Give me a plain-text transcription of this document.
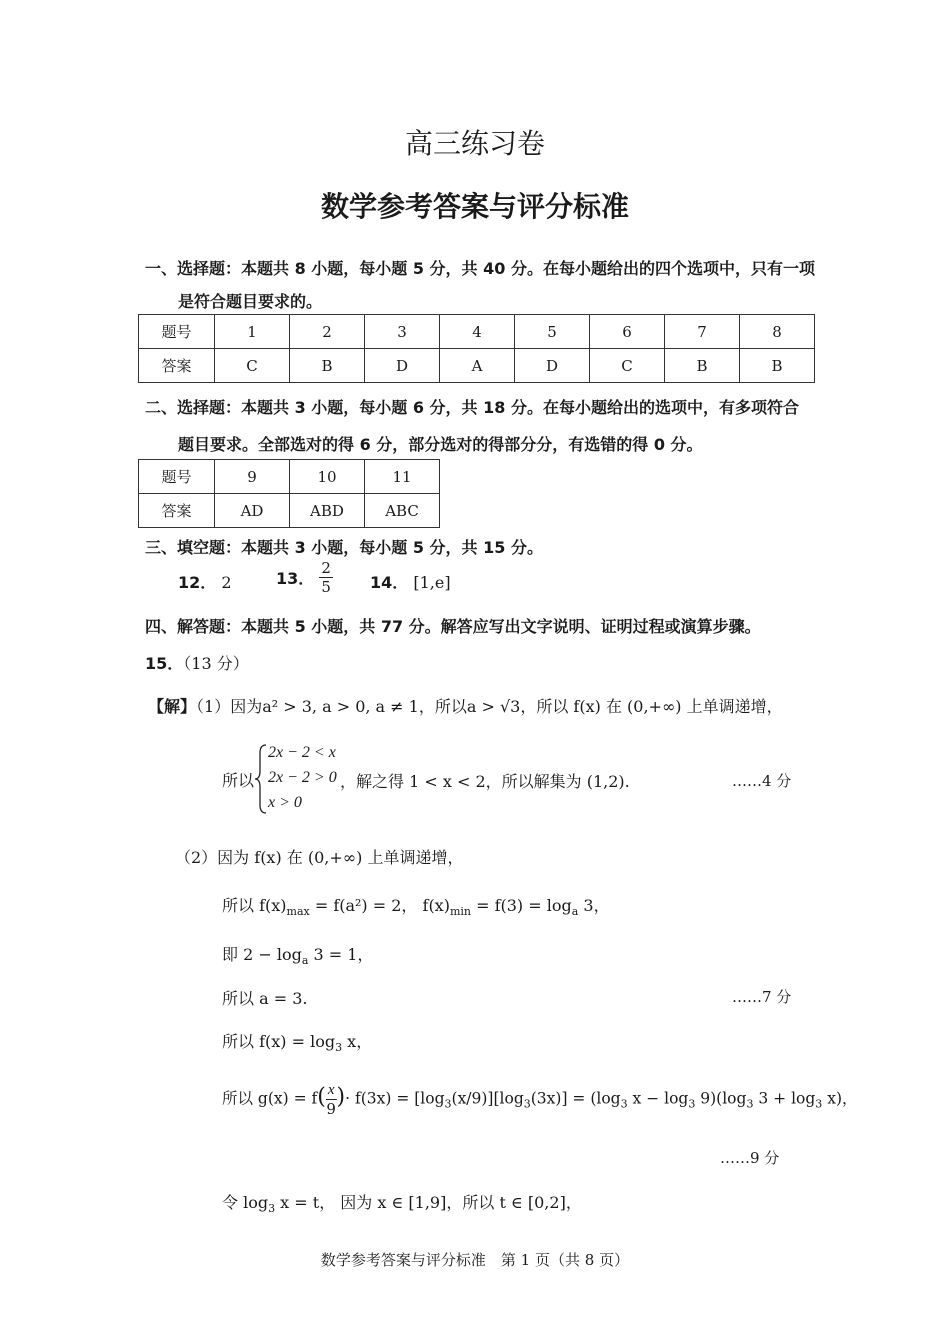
高三练习卷
数学参考答案与评分标准
一、选择题：本题共 8 小题，每小题 5 分，共 40 分。在每小题给出的四个选项中，只有一项
是符合题目要求的。
题号	1	2	3	4	5	6	7	8
答案	C	B	D	A	D	C	B	B
二、选择题：本题共 3 小题，每小题 6 分，共 18 分。在每小题给出的选项中，有多项符合
题目要求。全部选对的得 6 分，部分选对的得部分分，有选错的得 0 分。
题号	9	10	11
答案	AD	ABD	ABC
三、填空题：本题共 3 小题，每小题 5 分，共 15 分。
12． 2	13． $\frac{2}{5} 14$． [1,e]
四、解答题：本题共 5 小题，共 77 分。解答应写出文字说明、证明过程或演算步骤。
15．（13 分）
【解】（1）因为a² > 3, a > 0, a ≠ 1，所以a > √3，所以 f(x) 在 (0,+∞) 上单调递增，
所以
2x − 2 < x
2x − 2 > 0
x > 0
，解之得 1 < x < 2，所以解集为 (1,2).	……4 分
（2）因为 f(x) 在 (0,+∞) 上单调递增，
所以 $f(x)_{max} = f(a^2) = 2$， $f(x)_{min} = f(3) = \log_a 3$，
即 $2 - \log_a 3 = 1$，
所以 a = 3.	……7 分
所以 $f(x) = \log_3 x$，
所以 $g(x) = f( \frac{x}{9}$ )· $f(3x) = [\log_3(x/9)][\log_3(3x)] = (\log_3$ $x - \log_3 9)(\log_3$ $3 + \log_3 x$)，
……9 分
令 $\log_3 x = t$， 因为 x ∈ [1,9]，所以 t ∈ [0,2]，
数学参考答案与评分标准　第 1 页（共 8 页）
